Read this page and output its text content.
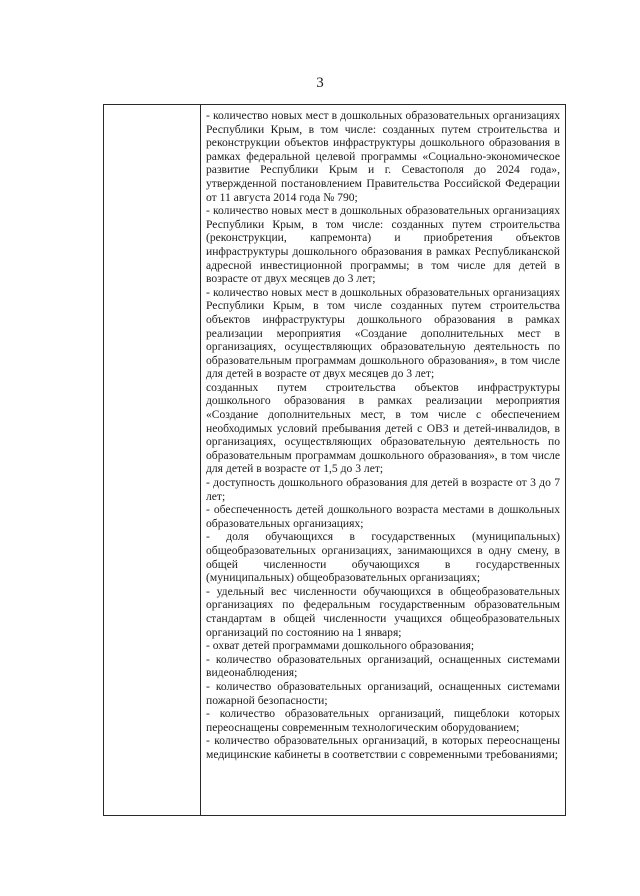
3

- количество новых мест в дошкольных образовательных организациях Республики Крым, в том числе: созданных путем строительства и реконструкции объектов инфраструктуры дошкольного образования в рамках федеральной целевой программы «Социально-экономическое развитие Республики Крым и г. Севастополя до 2024 года», утвержденной постановлением Правительства Российской Федерации от 11 августа 2014 года № 790;

- количество новых мест в дошкольных образовательных организациях Республики Крым, в том числе: созданных путем строительства (реконструкции, капремонта) и приобретения объектов инфраструктуры дошкольного образования в рамках Республиканской адресной инвестиционной программы; в том числе для детей в возрасте от двух месяцев до 3 лет;

- количество новых мест в дошкольных образовательных организациях Республики Крым, в том числе созданных путем строительства объектов инфраструктуры дошкольного образования в рамках реализации мероприятия «Создание дополнительных мест в организациях, осуществляющих образовательную деятельность по образовательным программам дошкольного образования», в том числе для детей в возрасте от двух месяцев до 3 лет;

созданных путем строительства объектов инфраструктуры дошкольного образования в рамках реализации мероприятия «Создание дополнительных мест, в том числе с обеспечением необходимых условий пребывания детей с ОВЗ и детей-инвалидов, в организациях, осуществляющих образовательную деятельность по образовательным программам дошкольного образования», в том числе для детей в возрасте от 1,5 до 3 лет;

- доступность дошкольного образования для детей в возрасте от 3 до 7 лет;

- обеспеченность детей дошкольного возраста местами в дошкольных образовательных организациях;

- доля обучающихся в государственных (муниципальных) общеобразовательных организациях, занимающихся в одну смену, в общей численности обучающихся в государственных (муниципальных) общеобразовательных организациях;

- удельный вес численности обучающихся в общеобразовательных организациях по федеральным государственным образовательным стандартам в общей численности учащихся общеобразовательных организаций по состоянию на 1 января;

- охват детей программами дошкольного образования;

- количество образовательных организаций, оснащенных системами видеонаблюдения;

- количество образовательных организаций, оснащенных системами пожарной безопасности;

- количество образовательных организаций, пищеблоки которых переоснащены современным технологическим оборудованием;

- количество образовательных организаций, в которых переоснащены медицинские кабинеты в соответствии с современными требованиями;
